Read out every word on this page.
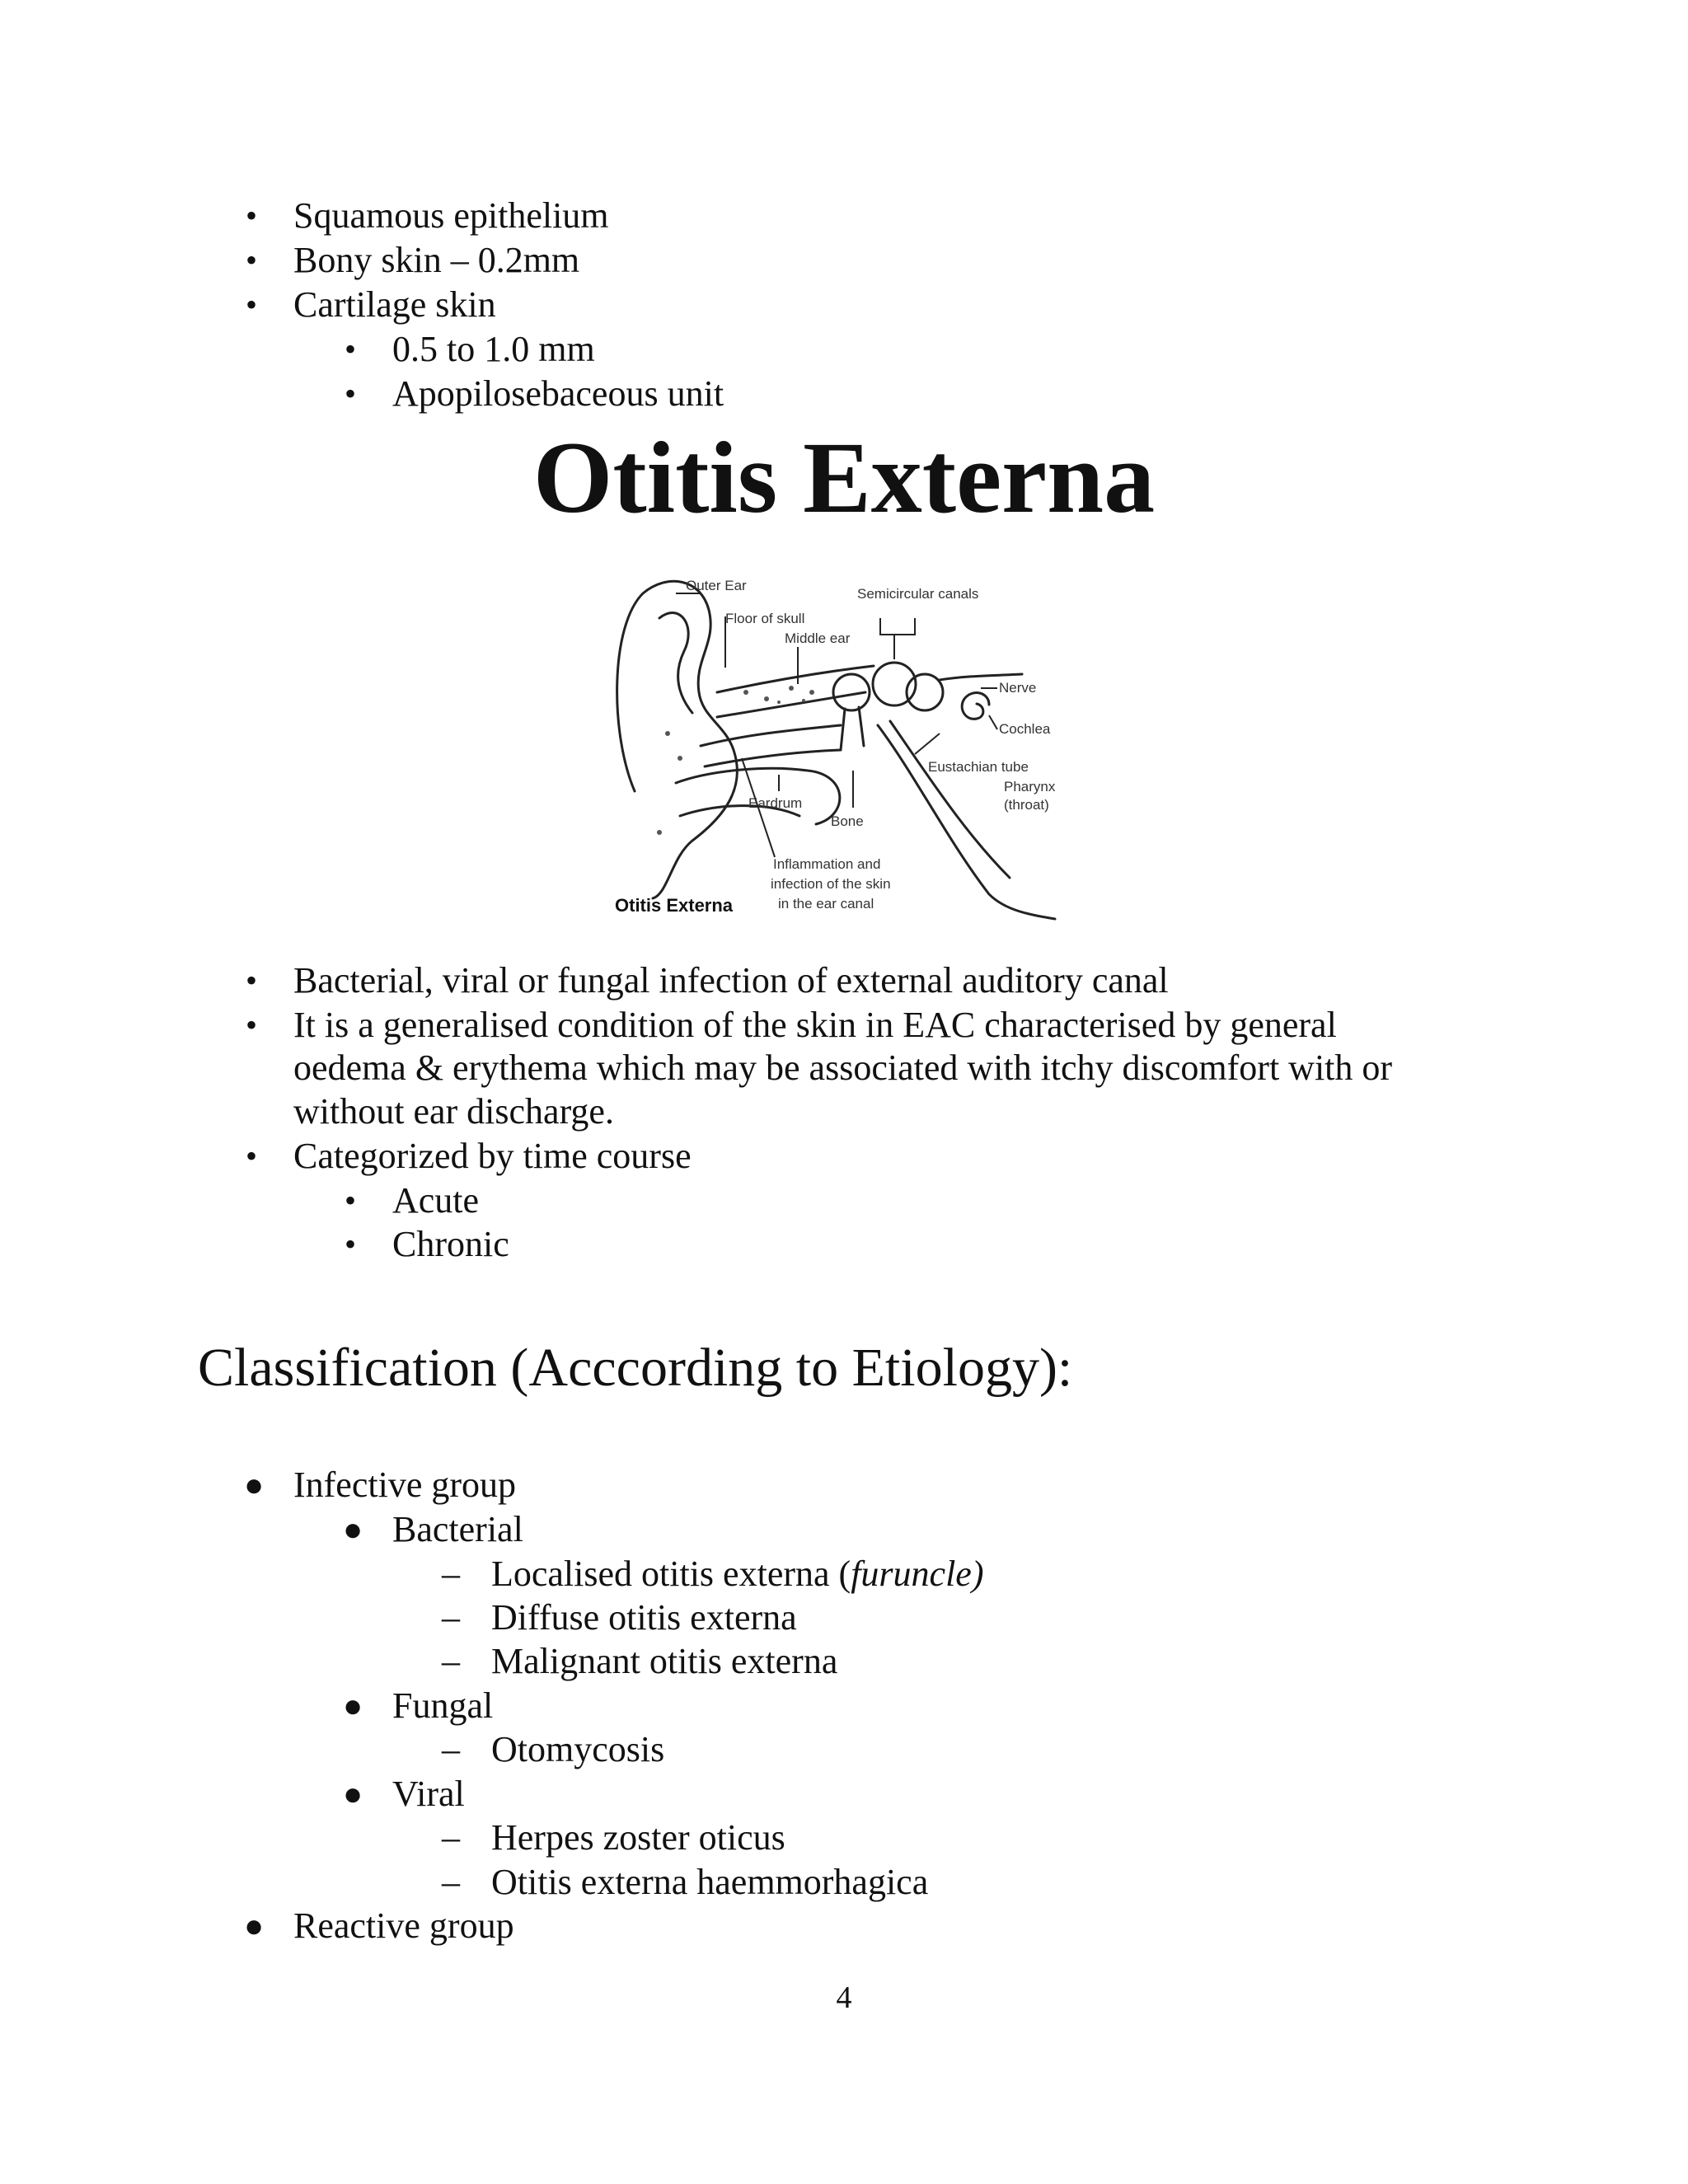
• Squamous epithelium
• Bony skin – 0.2mm
• Cartilage skin
• 0.5 to 1.0 mm
• Apopilosebaceous unit
Otitis Externa
Outer Ear
Semicircular canals
Floor of skull
Middle ear
Nerve
Cochlea
Eustachian tube
Pharynx
(throat)
Eardrum
Bone
Inflammation and
infection of the skin
in the ear canal
Otitis Externa
• Bacterial, viral or fungal infection of external auditory canal
• It is a generalised condition of the skin in EAC characterised by general
oedema & erythema which may be associated with itchy discomfort with or
without ear discharge.
• Categorized by time course
• Acute
• Chronic
Classification (Acccording to Etiology):
● Infective group
● Bacterial
– Localised otitis externa (furuncle)
– Diffuse otitis externa
– Malignant otitis externa
● Fungal
– Otomycosis
● Viral
– Herpes zoster oticus
– Otitis externa haemmorhagica
● Reactive group
4
